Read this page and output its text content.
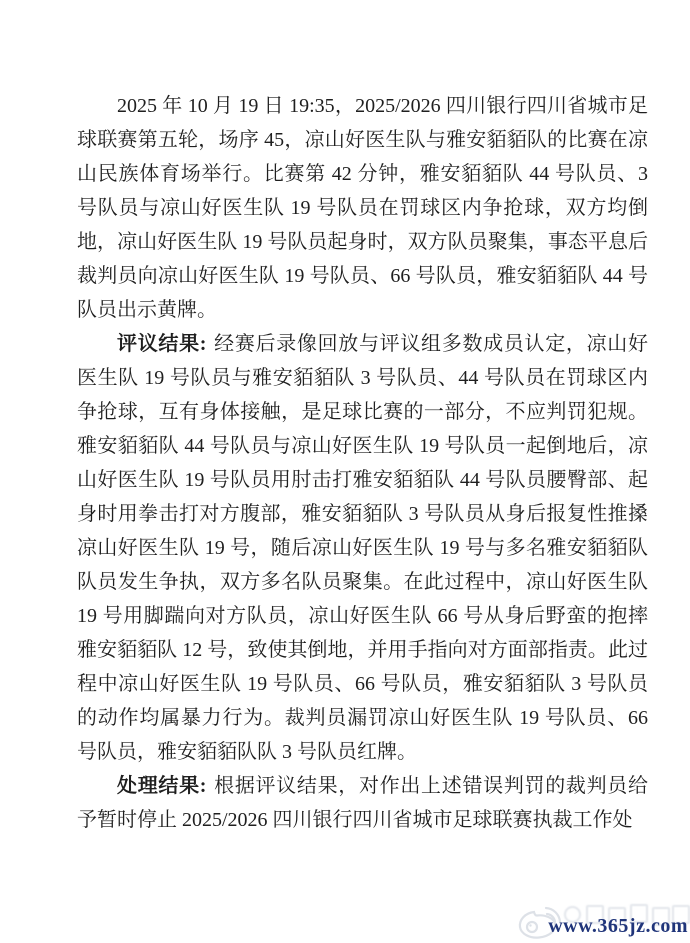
2025 年 10 月 19 日 19:35，2025/2026 四川银行四川省城市足球联赛第五轮，场序 45，凉山好医生队与雅安貊貊队的比赛在凉山民族体育场举行。比赛第 42 分钟，雅安貊貊队 44 号队员、3 号队员与凉山好医生队 19 号队员在罚球区内争抢球，双方均倒地，凉山好医生队 19 号队员起身时，双方队员聚集，事态平息后裁判员向凉山好医生队 19 号队员、66 号队员，雅安貊貊队 44 号队员出示黄牌。

评议结果: 经赛后录像回放与评议组多数成员认定，凉山好医生队 19 号队员与雅安貊貊队 3 号队员、44 号队员在罚球区内争抢球，互有身体接触，是足球比赛的一部分，不应判罚犯规。雅安貊貊队 44 号队员与凉山好医生队 19 号队员一起倒地后，凉山好医生队 19 号队员用肘击打雅安貊貊队 44 号队员腰臀部、起身时用拳击打对方腹部，雅安貊貊队 3 号队员从身后报复性推搡凉山好医生队 19 号，随后凉山好医生队 19 号与多名雅安貊貊队队员发生争执，双方多名队员聚集。在此过程中，凉山好医生队 19 号用脚踹向对方队员，凉山好医生队 66 号从身后野蛮的抱摔雅安貊貊队 12 号，致使其倒地，并用手指向对方面部指责。此过程中凉山好医生队 19 号队员、66 号队员，雅安貊貊队 3 号队员的动作均属暴力行为。裁判员漏罚凉山好医生队 19 号队员、66 号队员，雅安貊貊队队 3 号队员红牌。

处理结果: 根据评议结果，对作出上述错误判罚的裁判员给予暂时停止 2025/2026 四川银行四川省城市足球联赛执裁工作处

www.365jz.com
